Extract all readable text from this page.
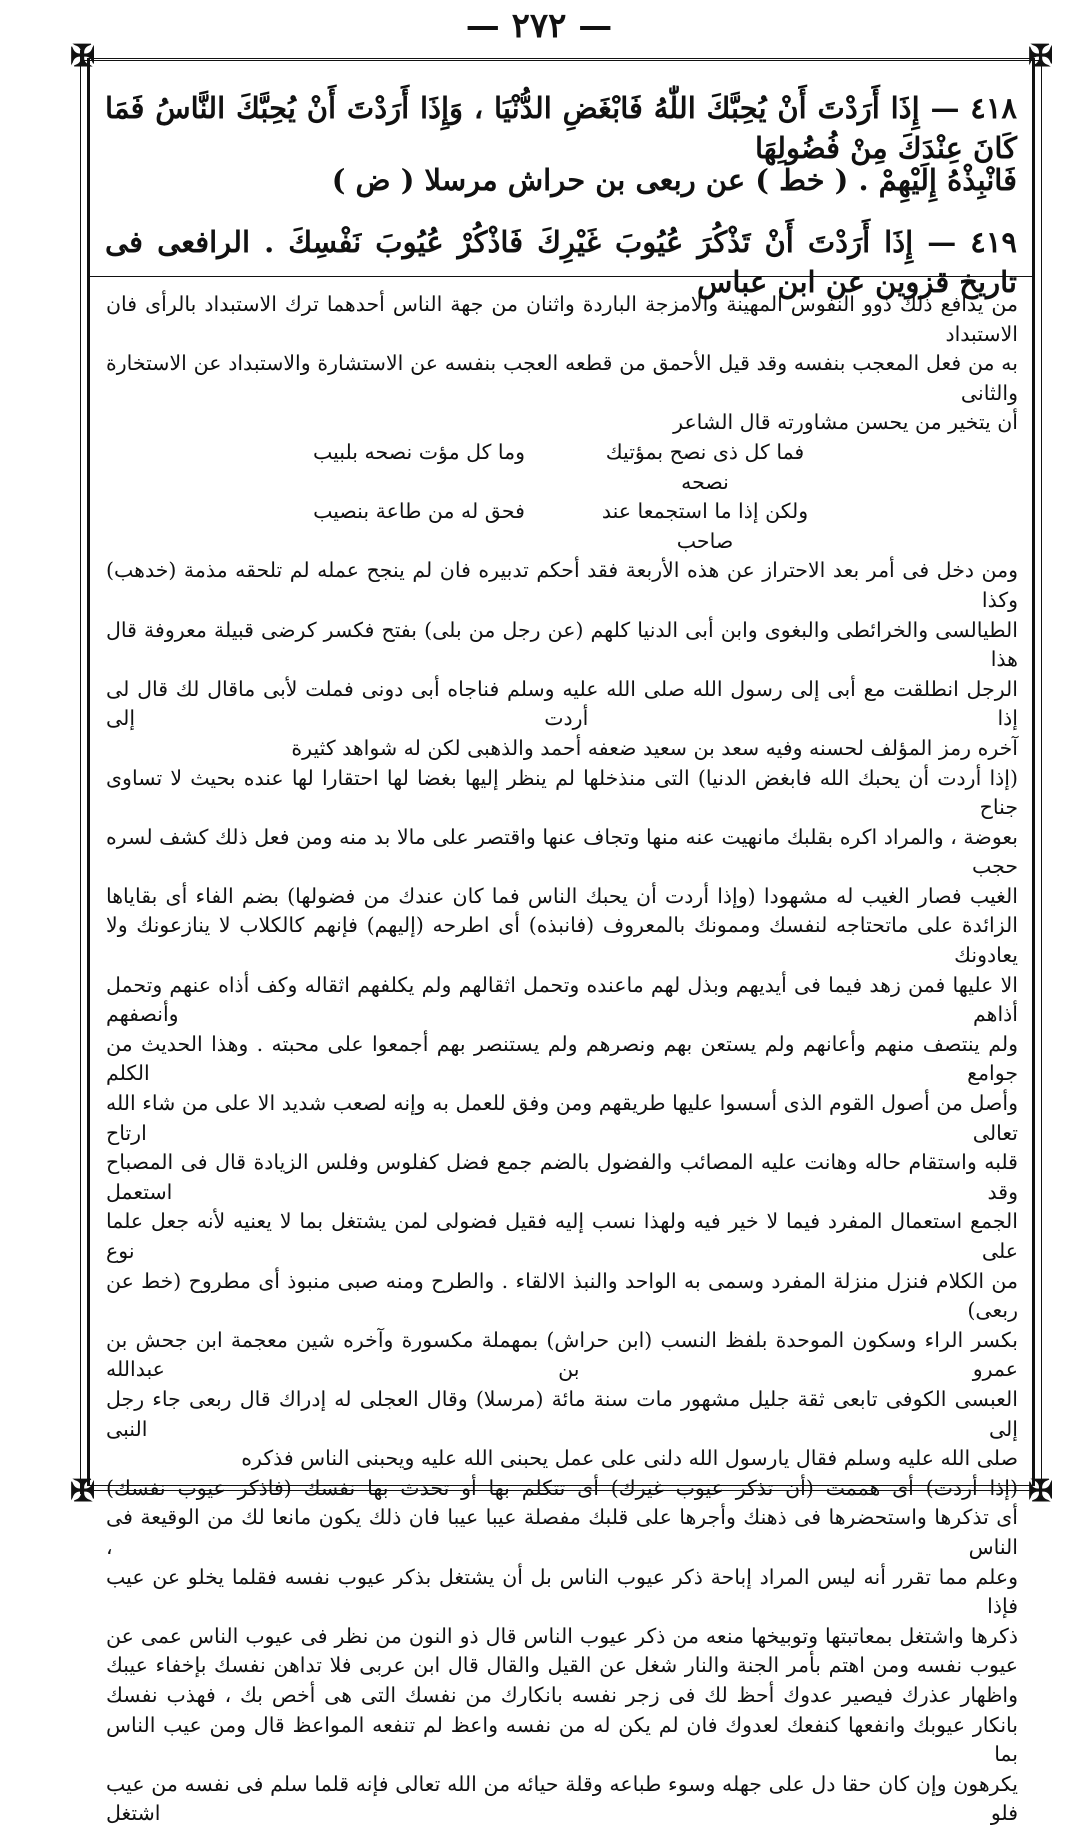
— ٢٧٢ —
✠	✠
✠	✠
٤١٨ — إِذَا أَرَدْتَ أَنْ يُحِبَّكَ اللّٰهُ فَابْغَضِ الدُّنْيَا ، وَإِذَا أَرَدْتَ أَنْ يُحِبَّكَ النَّاسُ فَمَا كَانَ عِنْدَكَ مِنْ فُضُولِهَا
فَانْبِذْهُ إِلَيْهِمْ . ( خط ) عن ربعى بن حراش مرسلا ( ض )
٤١٩ — إِذَا أَرَدْتَ أَنْ تَذْكُرَ عُيُوبَ غَيْرِكَ فَاذْكُرْ عُيُوبَ نَفْسِكَ . الرافعى فى تاريخ قزوين عن ابن عباس

من يدافع ذلك ذوو النفوس المهينة والامزجة الباردة واثنان من جهة الناس أحدهما ترك الاستبداد بالرأى فان الاستبداد

به من فعل المعجب بنفسه وقد قيل الأحمق من قطعه العجب بنفسه عن الاستشارة والاستبداد عن الاستخارة والثانى

أن يتخير من يحسن مشاورته قال الشاعر

فما كل ذى نصح بمؤتيك نصحه
وما كل مؤت نصحه بلبيب
ولكن إذا ما استجمعا عند صاحب
فحق له من طاعة بنصيب

ومن دخل فى أمر بعد الاحتراز عن هذه الأربعة فقد أحكم تدبيره فان لم ينجح عمله لم تلحقه مذمة (خدهب) وكذا

الطيالسى والخرائطى والبغوى وابن أبى الدنيا كلهم (عن رجل من بلى) بفتح فكسر كرضى قبيلة معروفة قال هذا

الرجل انطلقت مع أبى إلى رسول الله صلى الله عليه وسلم فناجاه أبى دونى فملت لأبى ماقال لك قال لى إذا أردت إلى

آخره رمز المؤلف لحسنه وفيه سعد بن سعيد ضعفه أحمد والذهبى لكن له شواهد كثيرة

(إذا أردت أن يحبك الله فابغض الدنيا) التى منذخلها لم ينظر إليها بغضا لها احتقارا لها عنده بحيث لا تساوى جناح

بعوضة ، والمراد اكره بقلبك مانهيت عنه منها وتجاف عنها واقتصر على مالا بد منه ومن فعل ذلك كشف لسره حجب

الغيب فصار الغيب له مشهودا (وإذا أردت أن يحبك الناس فما كان عندك من فضولها) بضم الفاء أى بقاياها

الزائدة على ماتحتاجه لنفسك وممونك بالمعروف (فانبذه) أى اطرحه (إليهم) فإنهم كالكلاب لا ينازعونك ولا يعادونك

الا عليها فمن زهد فيما فى أيديهم وبذل لهم ماعنده وتحمل اثقالهم ولم يكلفهم اثقاله وكف أذاه عنهم وتحمل أذاهم وأنصفهم

ولم ينتصف منهم وأعانهم ولم يستعن بهم ونصرهم ولم يستنصر بهم أجمعوا على محبته . وهذا الحديث من جوامع الكلم

وأصل من أصول القوم الذى أسسوا عليها طريقهم ومن وفق للعمل به وإنه لصعب شديد الا على من شاء الله تعالى ارتاح

قلبه واستقام حاله وهانت عليه المصائب والفضول بالضم جمع فضل كفلوس وفلس الزيادة قال فى المصباح وقد استعمل

الجمع استعمال المفرد فيما لا خير فيه ولهذا نسب إليه فقيل فضولى لمن يشتغل بما لا يعنيه لأنه جعل علما على نوع

من الكلام فنزل منزلة المفرد وسمى به الواحد والنبذ الالقاء . والطرح ومنه صبى منبوذ أى مطروح (خط عن ربعى)

بكسر الراء وسكون الموحدة بلفظ النسب (ابن حراش) بمهملة مكسورة وآخره شين معجمة ابن جحش بن عمرو بن عبدالله

العبسى الكوفى تابعى ثقة جليل مشهور مات سنة مائة (مرسلا) وقال العجلى له إدراك قال ربعى جاء رجل إلى النبى

صلى الله عليه وسلم فقال يارسول الله دلنى على عمل يحبنى الله عليه ويحبنى الناس فذكره

(إذا أردت) أى هممت (أن تذكر عيوب غيرك) أى تتكلم بها أو تحدث بها نفسك (فاذكر عيوب نفسك)

أى تذكرها واستحضرها فى ذهنك وأجرها على قلبك مفصلة عيبا عيبا فان ذلك يكون مانعا لك من الوقيعة فى الناس ،

وعلم مما تقرر أنه ليس المراد إباحة ذكر عيوب الناس بل أن يشتغل بذكر عيوب نفسه فقلما يخلو عن عيب فإذا

ذكرها واشتغل بمعاتبتها وتوبيخها منعه من ذكر عيوب الناس قال ذو النون من نظر فى عيوب الناس عمى عن

عيوب نفسه ومن اهتم بأمر الجنة والنار شغل عن القيل والقال قال ابن عربى فلا تداهن نفسك بإخفاء عيبك

واظهار عذرك فيصير عدوك أحظ لك فى زجر نفسه بانكارك من نفسك التى هى أخص بك ، فهذب نفسك

بانكار عيوبك وانفعها كنفعك لعدوك فان لم يكن له من نفسه واعظ لم تنفعه المواعظ قال ومن عيب الناس بما

يكرهون وإن كان حقا دل على جهله وسوء طباعه وقلة حيائه من الله تعالى فإنه قلما سلم فى نفسه من عيب فلو اشتغل
